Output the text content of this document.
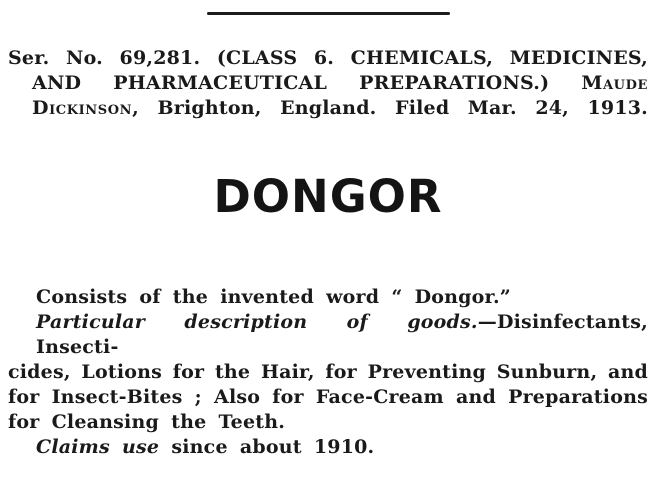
Ser. No. 69,281. (CLASS 6. CHEMICALS, MEDICINES,
AND PHARMACEUTICAL PREPARATIONS.) Maude
Dickinson, Brighton, England. Filed Mar. 24, 1913.
DONGOR
Consists of the invented word “ Dongor.”
Particular description of goods.—Disinfectants, Insecti-
cides, Lotions for the Hair, for Preventing Sunburn, and
for Insect-Bites ; Also for Face-Cream and Preparations
for Cleansing the Teeth.
Claims use since about 1910.
